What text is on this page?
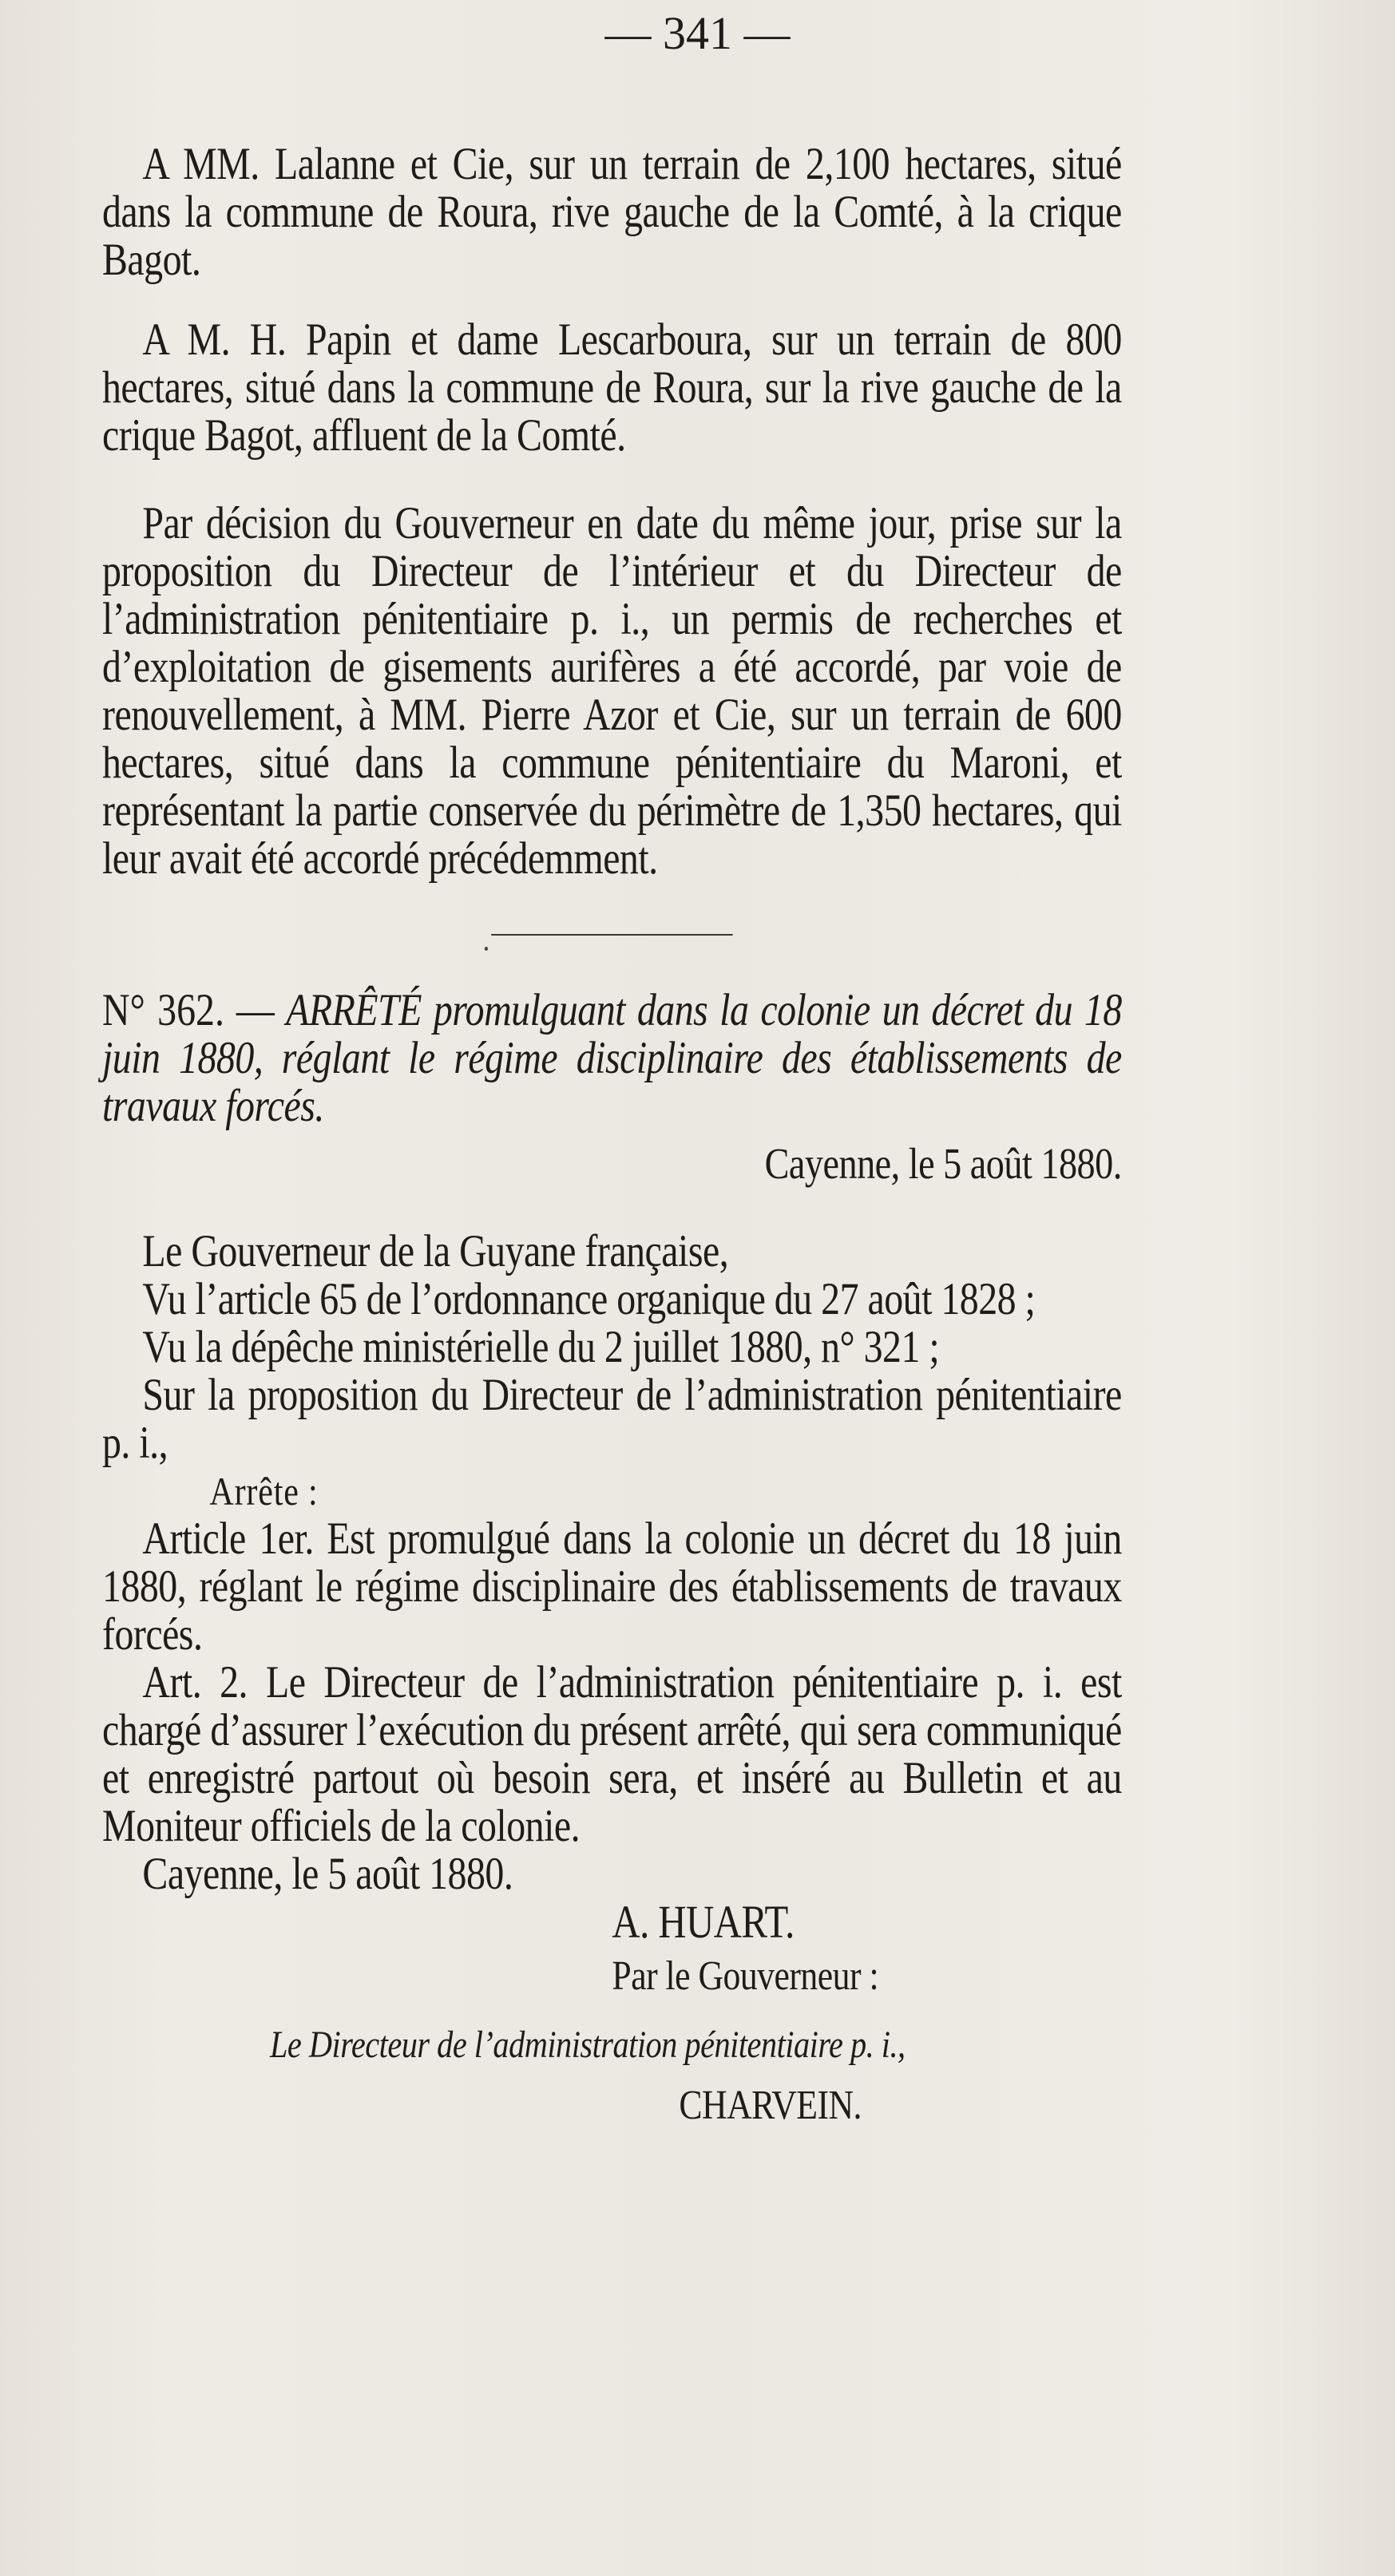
— 341 —

A MM. Lalanne et Cie, sur un terrain de 2,100 hectares, situé dans la commune de Roura, rive gauche de la Comté, à la crique Bagot.

A M. H. Papin et dame Lescarboura, sur un terrain de 800 hectares, situé dans la commune de Roura, sur la rive gauche de la crique Bagot, affluent de la Comté.

Par décision du Gouverneur en date du même jour, prise sur la proposition du Directeur de l’intérieur et du Directeur de l’administration pénitentiaire p. i., un permis de recherches et d’exploitation de gisements aurifères a été accordé, par voie de renouvellement, à MM. Pierre Azor et Cie, sur un terrain de 600 hectares, situé dans la commune pénitentiaire du Maroni, et représentant la partie conservée du périmètre de 1,350 hectares, qui leur avait été accordé précédemment.

N° 362. — ARRÊTÉ promulguant dans la colonie un décret du 18 juin 1880, réglant le régime disciplinaire des établissements de travaux forcés.

Cayenne, le 5 août 1880.

Le Gouverneur de la Guyane française,

Vu l’article 65 de l’ordonnance organique du 27 août 1828 ;

Vu la dépêche ministérielle du 2 juillet 1880, n° 321 ;

Sur la proposition du Directeur de l’administration pénitentiaire p. i.,

Arrête :

Article 1er. Est promulgué dans la colonie un décret du 18 juin 1880, réglant le régime disciplinaire des établissements de travaux forcés.

Art. 2. Le Directeur de l’administration pénitentiaire p. i. est chargé d’assurer l’exécution du présent arrêté, qui sera communiqué et enregistré partout où besoin sera, et inséré au Bulletin et au Moniteur officiels de la colonie.

Cayenne, le 5 août 1880.

A. HUART.

Par le Gouverneur :

Le Directeur de l’administration pénitentiaire p. i.,

CHARVEIN.
